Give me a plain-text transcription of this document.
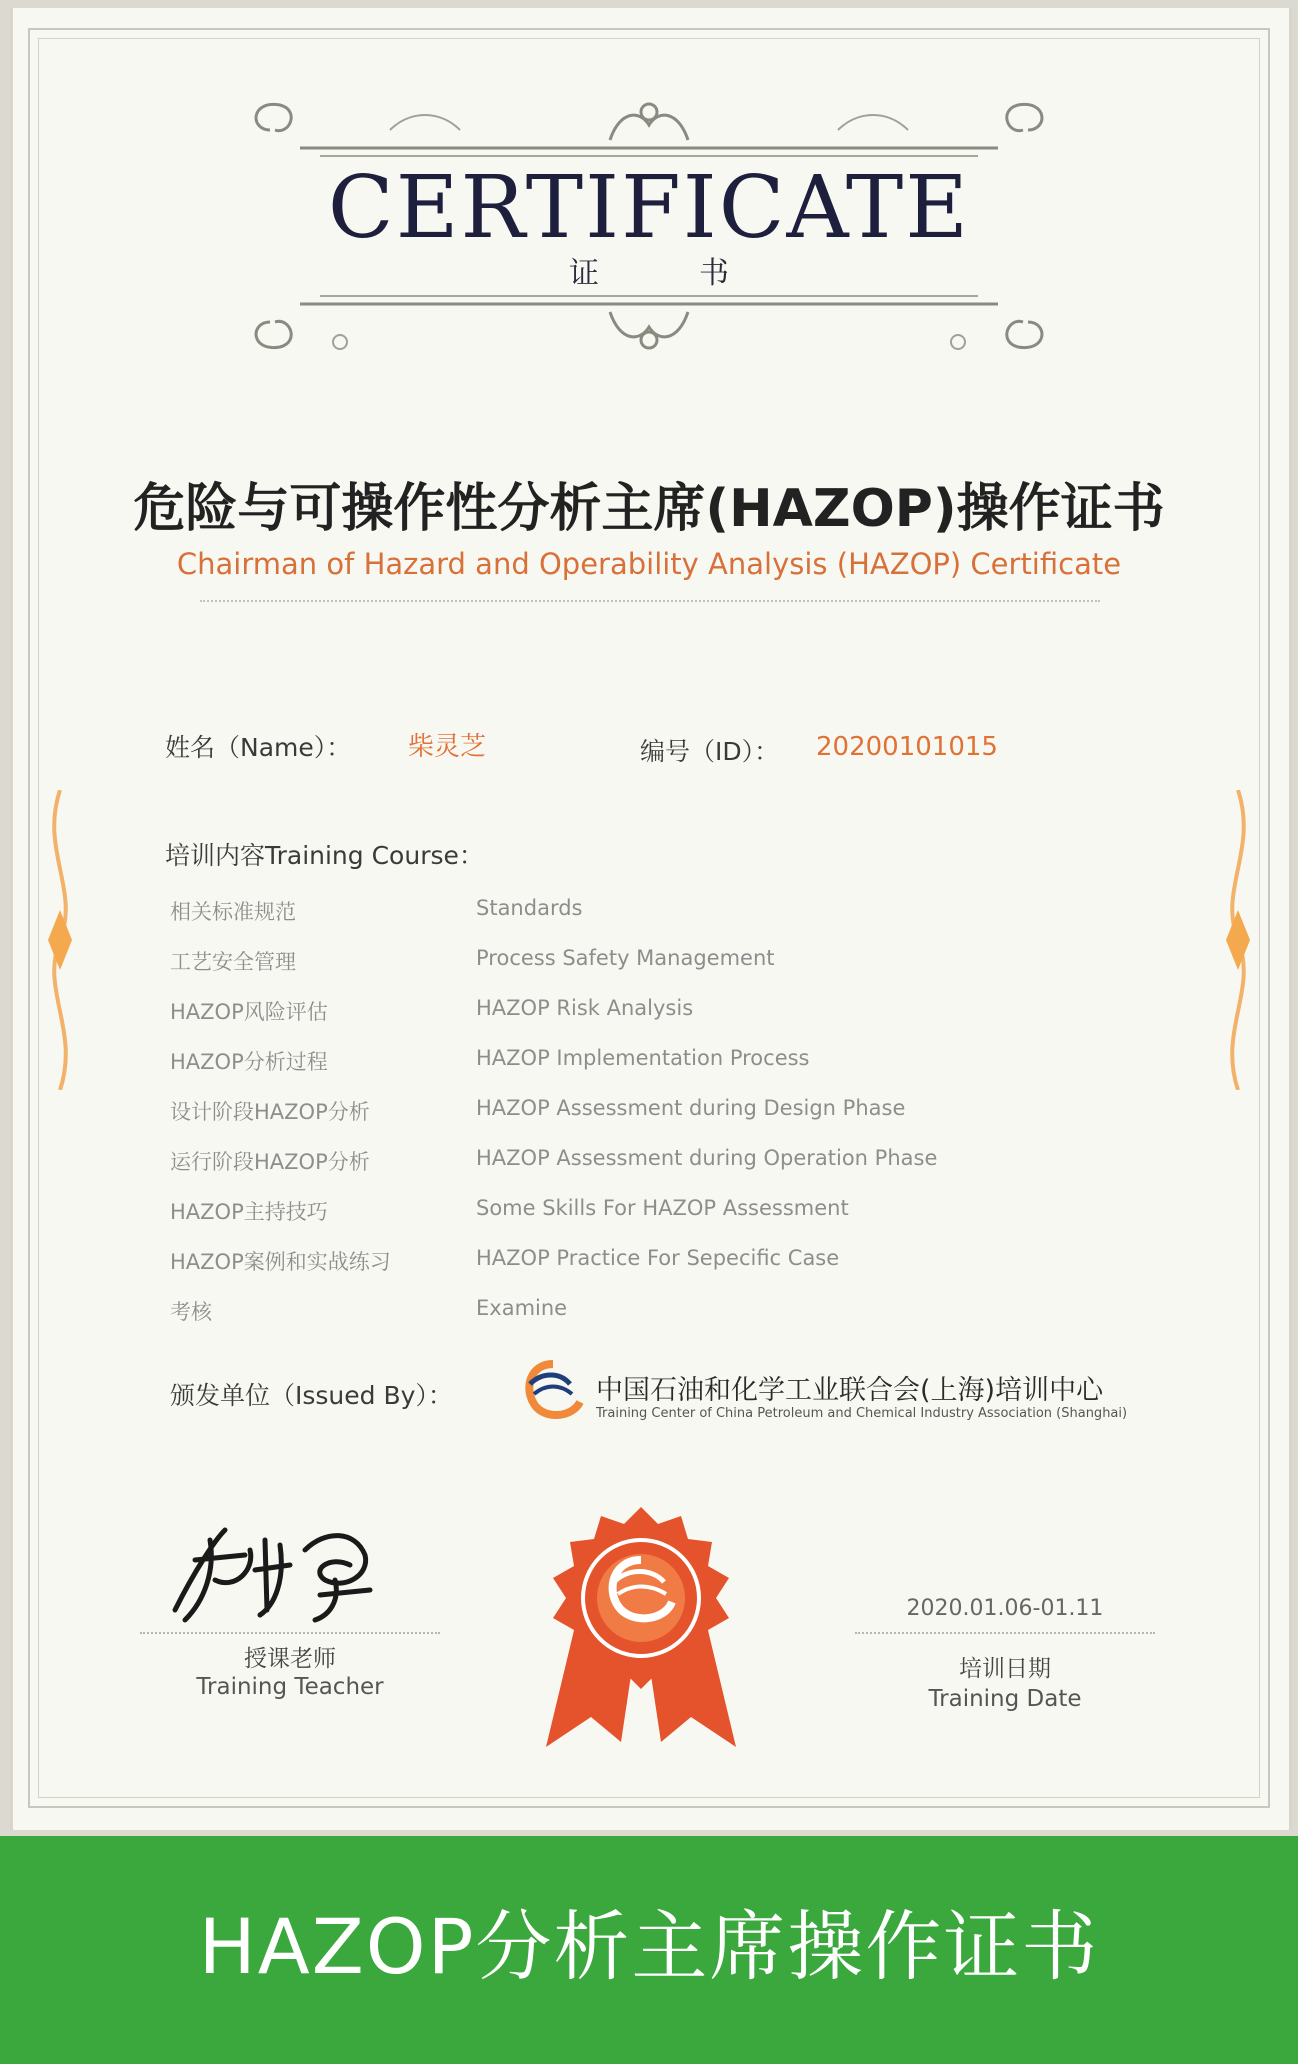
CERTIFICATE
证书
危险与可操作性分析主席(HAZOP)操作证书
Chairman of Hazard and Operability Analysis (HAZOP) Certificate
姓名（Name）： 柴灵芝	编号（ID）： 20200101015
培训内容Training Course：
相关标准规范	Standards
工艺安全管理	Process Safety Management
HAZOP风险评估	HAZOP Risk Analysis
HAZOP分析过程	HAZOP Implementation Process
设计阶段HAZOP分析	HAZOP Assessment during Design Phase
运行阶段HAZOP分析	HAZOP Assessment during Operation Phase
HAZOP主持技巧	Some Skills For HAZOP Assessment
HAZOP案例和实战练习	HAZOP Practice For Sepecific Case
考核	Examine
颁发单位（Issued By）：	中国石油和化学工业联合会(上海)培训中心
Training Center of China Petroleum and Chemical Industry Association (Shanghai)
授课老师
Training Teacher
2020.01.06-01.11
培训日期
Training Date
HAZOP分析主席操作证书
